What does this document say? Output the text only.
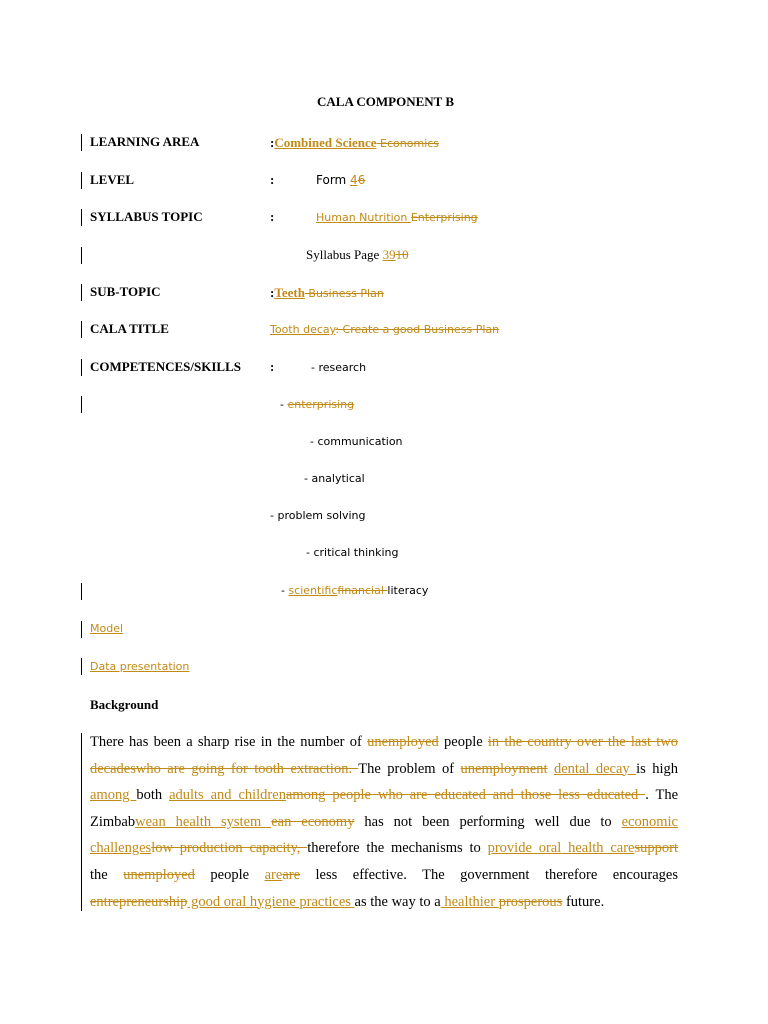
CALA COMPONENT B
LEARNING AREA	:Combined Science Economics
LEVEL	:	Form 46
SYLLABUS TOPIC	:	Human Nutrition Enterprising
Syllabus Page 3910
SUB-TOPIC	:Teeth Business Plan
CALA TITLE	Tooth decay: Create a good Business Plan
COMPETENCES/SKILLS :	- research
- enterprising
- communication
- analytical
- problem solving
- critical thinking
- scientificfinancial literacy
Model
Data presentation
Background
There has been a sharp rise in the number of unemployed people in the country over the last two
decadeswho are going for tooth extraction. The problem of unemployment dental decay is high
among both adults and childrenamong people who are educated and those less educated . The
Zimbabwean health system ean economy has not been performing well due to economic
challengeslow production capacity, therefore the mechanisms to provide oral health caresupport
the unemployed people areare less effective. The government therefore encourages
entrepreneurship good oral hygiene practices as the way to a healthier prosperous future.
